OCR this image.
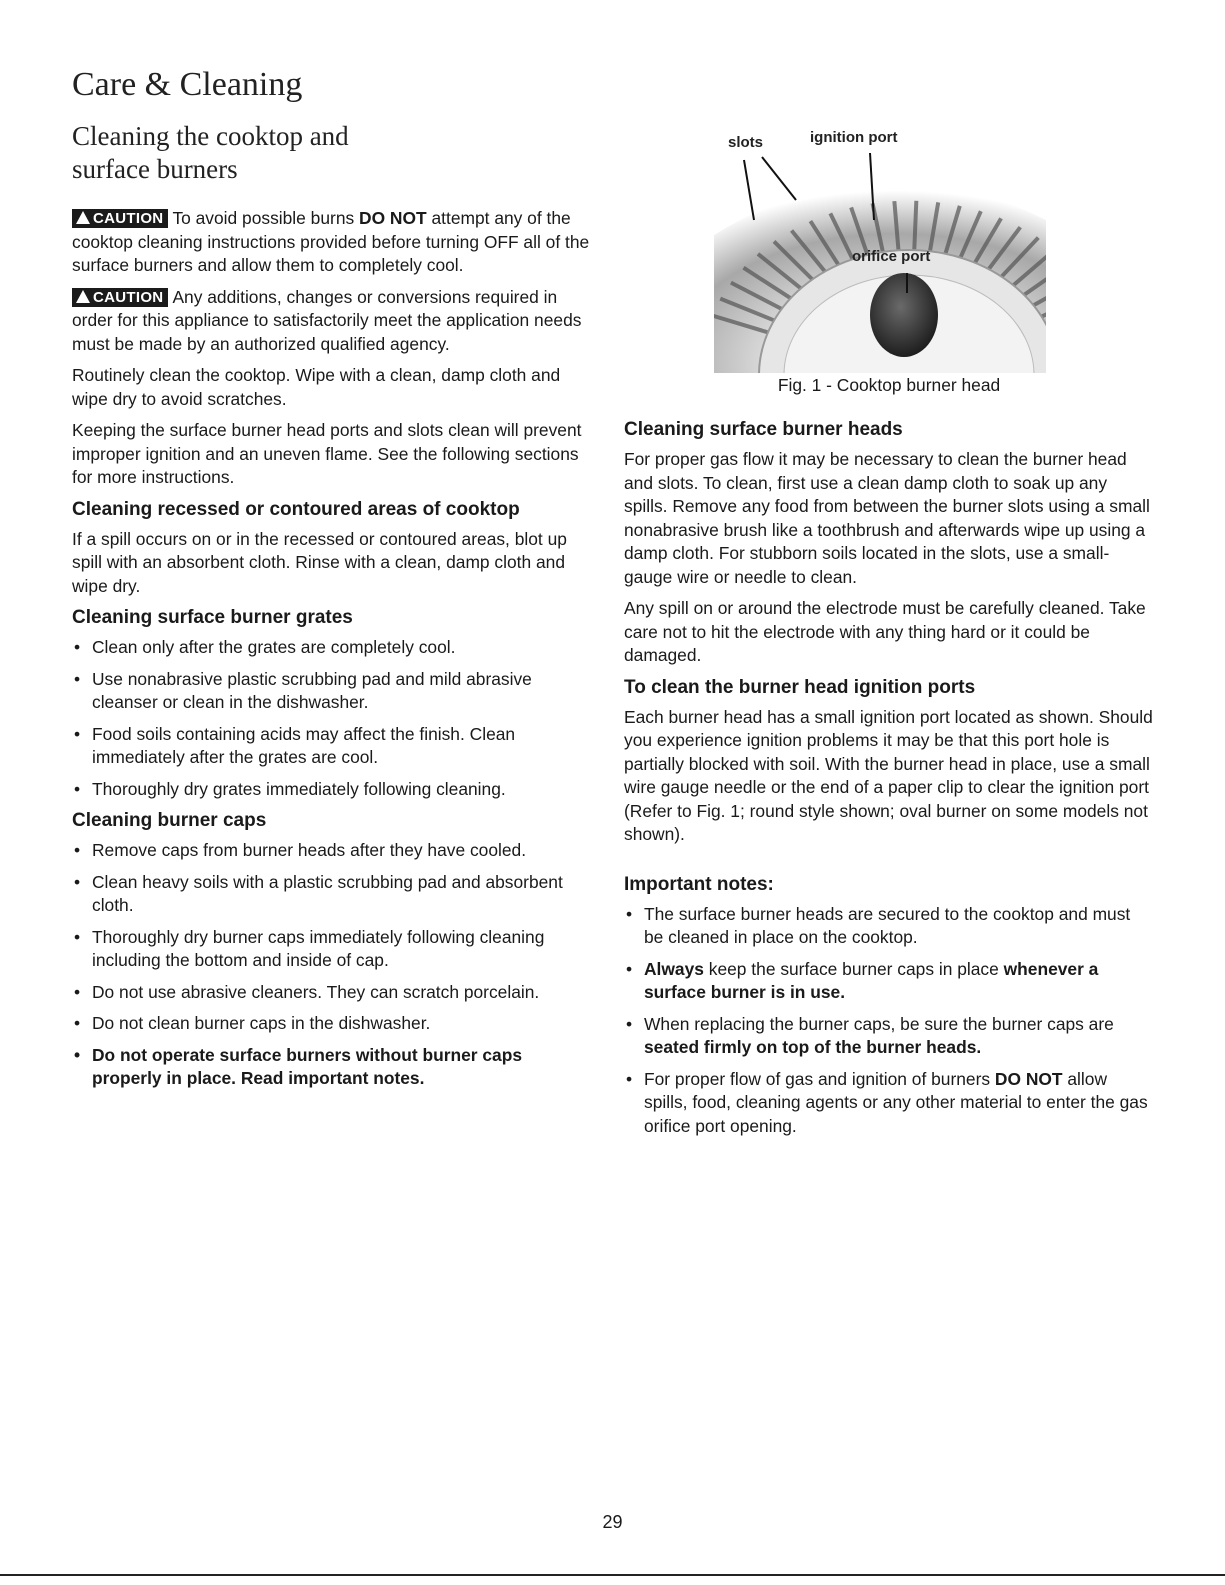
Care & Cleaning
Cleaning the cooktop and
surface burners

CAUTION To avoid possible burns DO NOT attempt any of the cooktop cleaning instructions provided before turning OFF all of the surface burners and allow them to completely cool.

CAUTION Any additions, changes or conversions required in order for this appliance to satisfactorily meet the application needs must be made by an authorized qualified agency.

Routinely clean the cooktop. Wipe with a clean, damp cloth and wipe dry to avoid scratches.

Keeping the surface burner head ports and slots clean will prevent improper ignition and an uneven flame. See the following sections for more instructions.

Cleaning recessed or contoured areas of cooktop

If a spill occurs on or in the recessed or contoured areas, blot up spill with an absorbent cloth. Rinse with a clean, damp cloth and wipe dry.

Cleaning surface burner grates
• Clean only after the grates are completely cool.
• Use nonabrasive plastic scrubbing pad and mild abrasive cleanser or clean in the dishwasher.
• Food soils containing acids may affect the finish. Clean immediately after the grates are cool.
• Thoroughly dry grates immediately following cleaning.
Cleaning burner caps
• Remove caps from burner heads after they have cooled.
• Clean heavy soils with a plastic scrubbing pad and absorbent cloth.
• Thoroughly dry burner caps immediately following cleaning including the bottom and inside of cap.
• Do not use abrasive cleaners. They can scratch porcelain.
• Do not clean burner caps in the dishwasher.
• Do not operate surface burners without burner caps properly in place. Read important notes.
slots	ignition port
orifice port
Fig. 1 - Cooktop burner head
Cleaning surface burner heads

For proper gas flow it may be necessary to clean the burner head and slots. To clean, first use a clean damp cloth to soak up any spills. Remove any food from between the burner slots using a small nonabrasive brush like a toothbrush and afterwards wipe up using a damp cloth. For stubborn soils located in the slots, use a small-gauge wire or needle to clean.

Any spill on or around the electrode must be carefully cleaned. Take care not to hit the electrode with any thing hard or it could be damaged.

To clean the burner head ignition ports

Each burner head has a small ignition port located as shown. Should you experience ignition problems it may be that this port hole is partially blocked with soil. With the burner head in place, use a small wire gauge needle or the end of a paper clip to clear the ignition port (Refer to Fig. 1; round style shown; oval burner on some models not shown).

Important notes:
• The surface burner heads are secured to the cooktop and must be cleaned in place on the cooktop.
• Always keep the surface burner caps in place whenever a surface burner is in use.
• When replacing the burner caps, be sure the burner caps are seated firmly on top of the burner heads.
• For proper flow of gas and ignition of burners DO NOT allow spills, food, cleaning agents or any other material to enter the gas orifice port opening.
29
